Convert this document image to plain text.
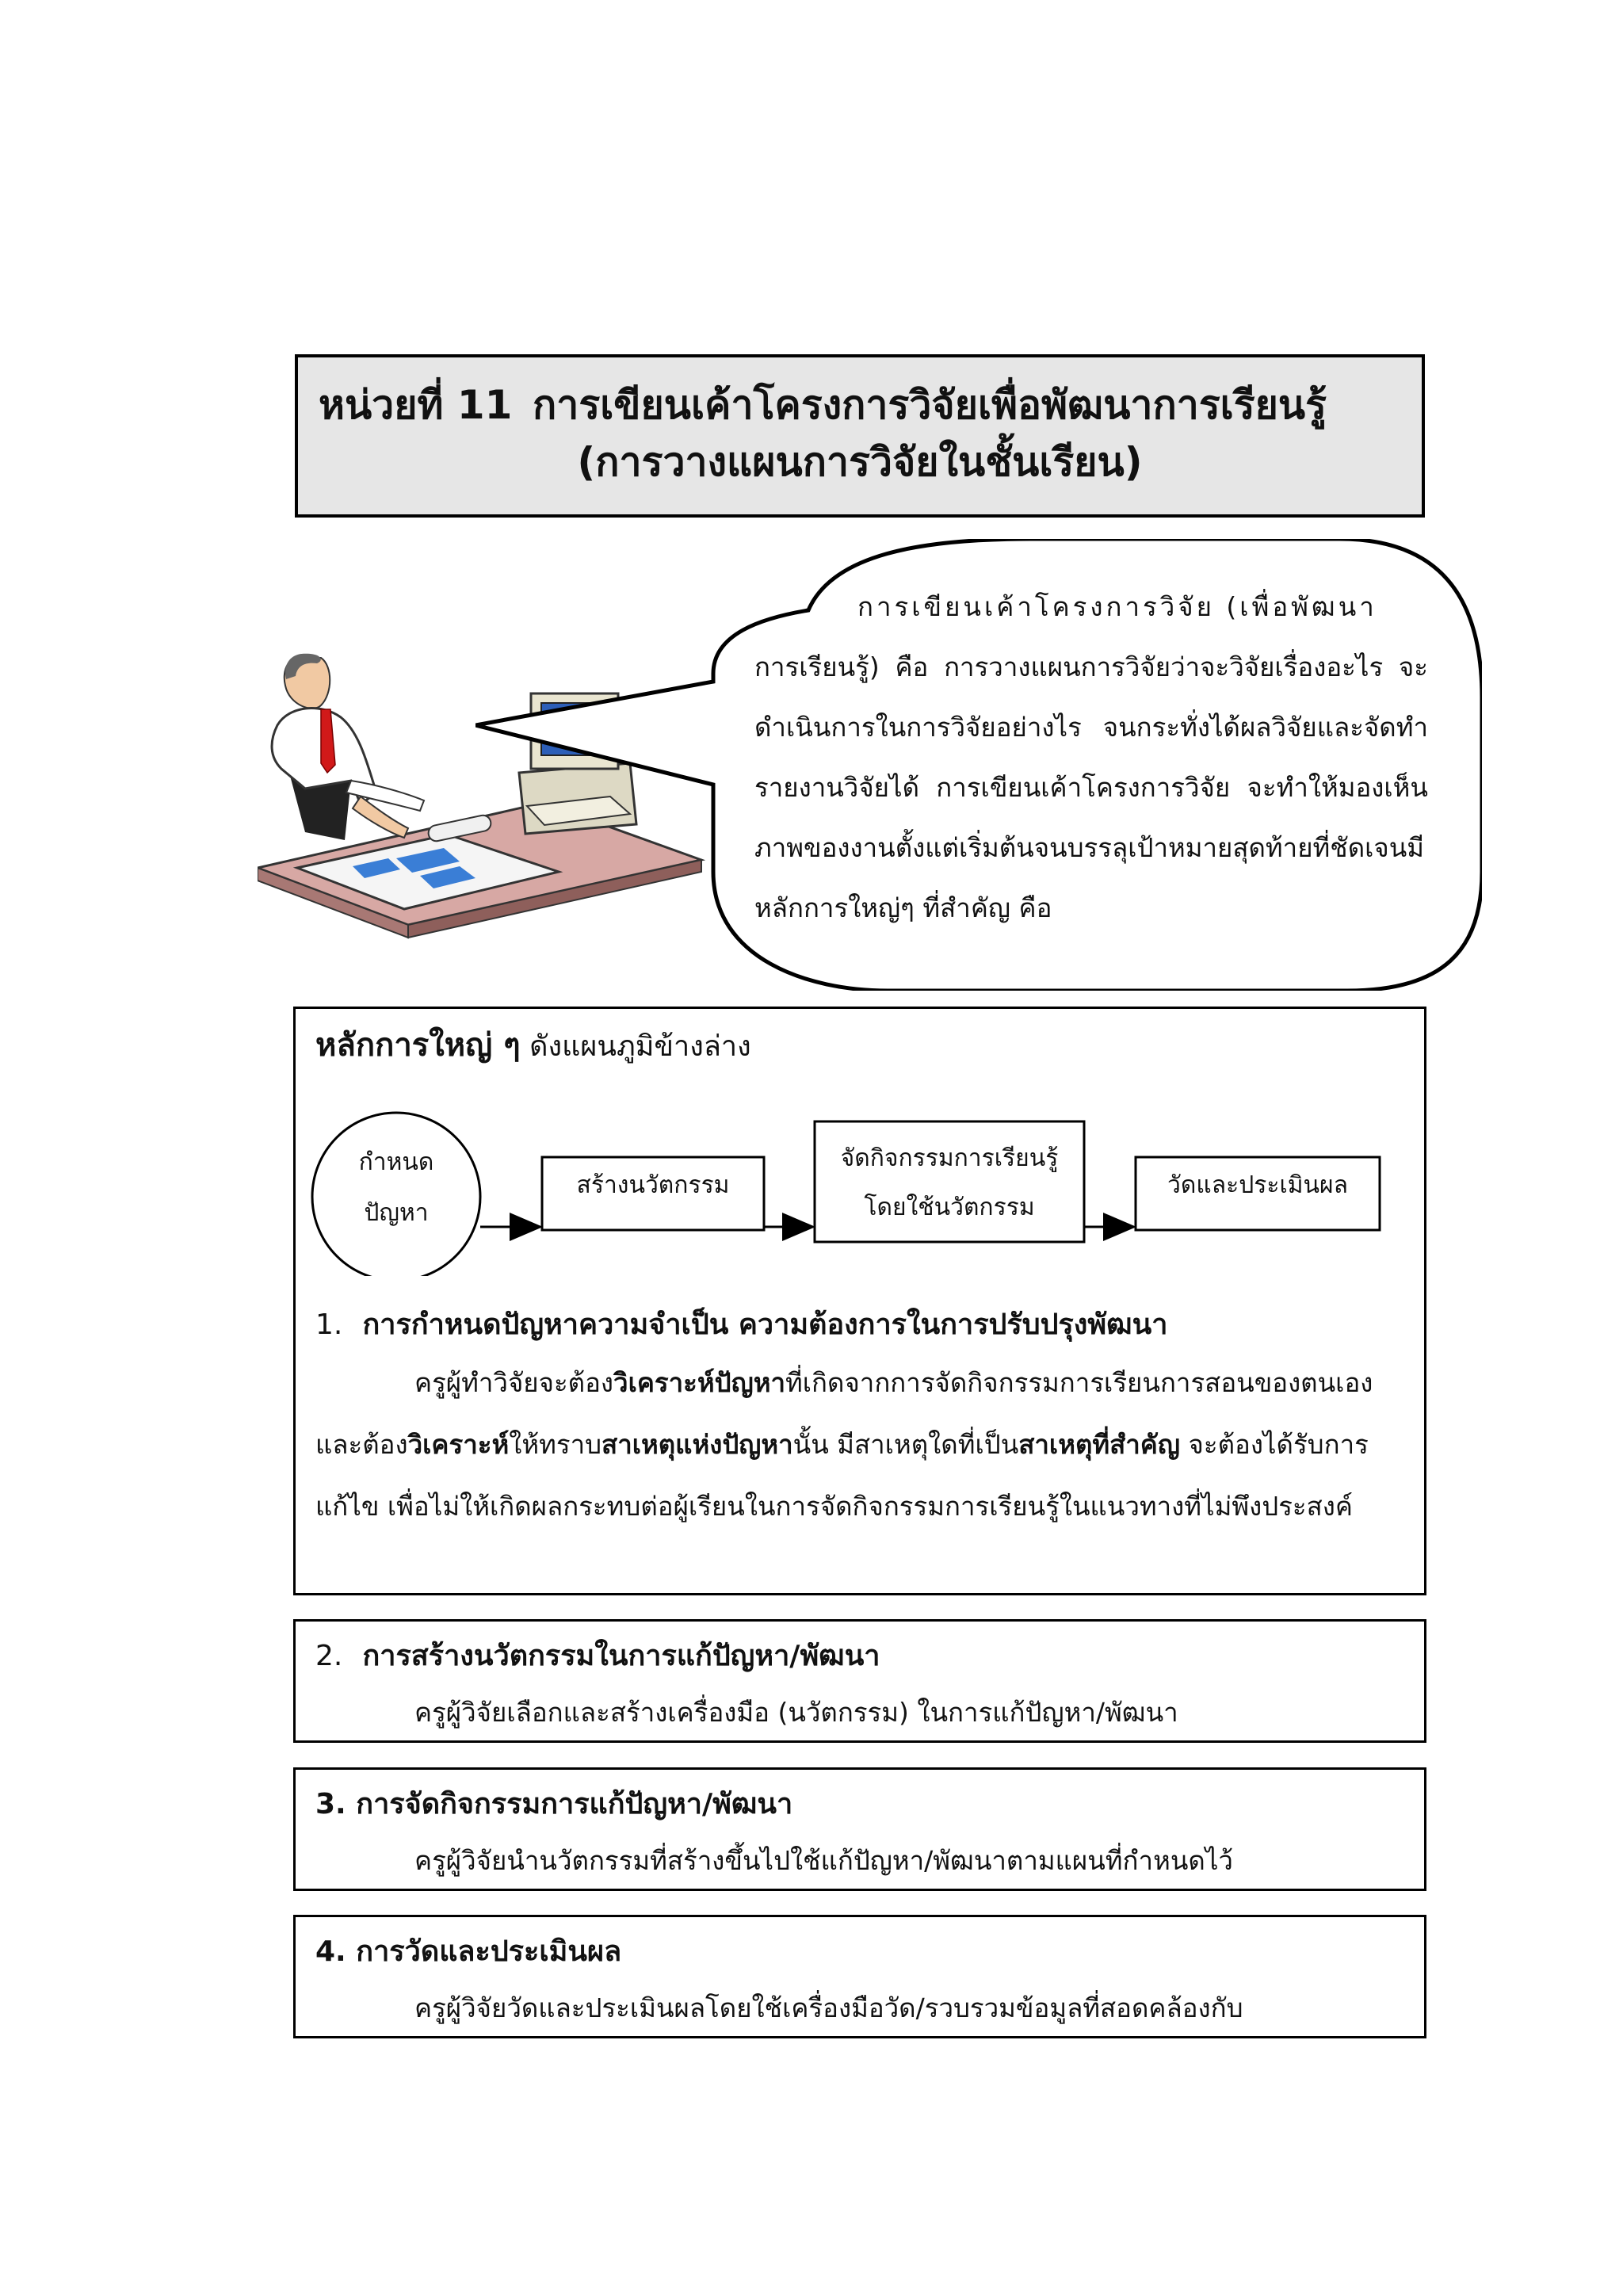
หน่วยที่ 11 การเขียนเค้าโครงการวิจัยเพื่อพัฒนาการเรียนรู้
(การวางแผนการวิจัยในชั้นเรียน)

การเขียนเค้าโครงการวิจัย (เพื่อพัฒนา

การเรียนรู้) คือ การวางแผนการวิจัยว่าจะวิจัยเรื่องอะไร จะดำเนินการในการวิจัยอย่างไร จนกระทั่งได้ผลวิจัยและจัดทำรายงานวิจัยได้ การเขียนเค้าโครงการวิจัย จะทำให้มองเห็นภาพของงานตั้งแต่เริ่มต้นจนบรรลุเป้าหมายสุดท้ายที่ชัดเจนมีหลักการใหญ่ๆ ที่สำคัญ คือ

หลักการใหญ่ ๆ ดังแผนภูมิข้างล่าง
กำหนด
ปัญหา
สร้างนวัตกรรม
จัดกิจกรรมการเรียนรู้
โดยใช้นวัตกรรม
วัดและประเมินผล
1. การกำหนดปัญหาความจำเป็น ความต้องการในการปรับปรุงพัฒนา

ครูผู้ทำวิจัยจะต้องวิเคราะห์ปัญหาที่เกิดจากการจัดกิจกรรมการเรียนการสอนของตนเองและต้องวิเคราะห์ให้ทราบสาเหตุแห่งปัญหานั้น มีสาเหตุใดที่เป็นสาเหตุที่สำคัญ จะต้องได้รับการแก้ไข เพื่อไม่ให้เกิดผลกระทบต่อผู้เรียนในการจัดกิจกรรมการเรียนรู้ในแนวทางที่ไม่พึงประสงค์

2. การสร้างนวัตกรรมในการแก้ปัญหา/พัฒนา
ครูผู้วิจัยเลือกและสร้างเครื่องมือ (นวัตกรรม) ในการแก้ปัญหา/พัฒนา
3. การจัดกิจกรรมการแก้ปัญหา/พัฒนา
ครูผู้วิจัยนำนวัตกรรมที่สร้างขึ้นไปใช้แก้ปัญหา/พัฒนาตามแผนที่กำหนดไว้
4. การวัดและประเมินผล
ครูผู้วิจัยวัดและประเมินผลโดยใช้เครื่องมือวัด/รวบรวมข้อมูลที่สอดคล้องกับ
